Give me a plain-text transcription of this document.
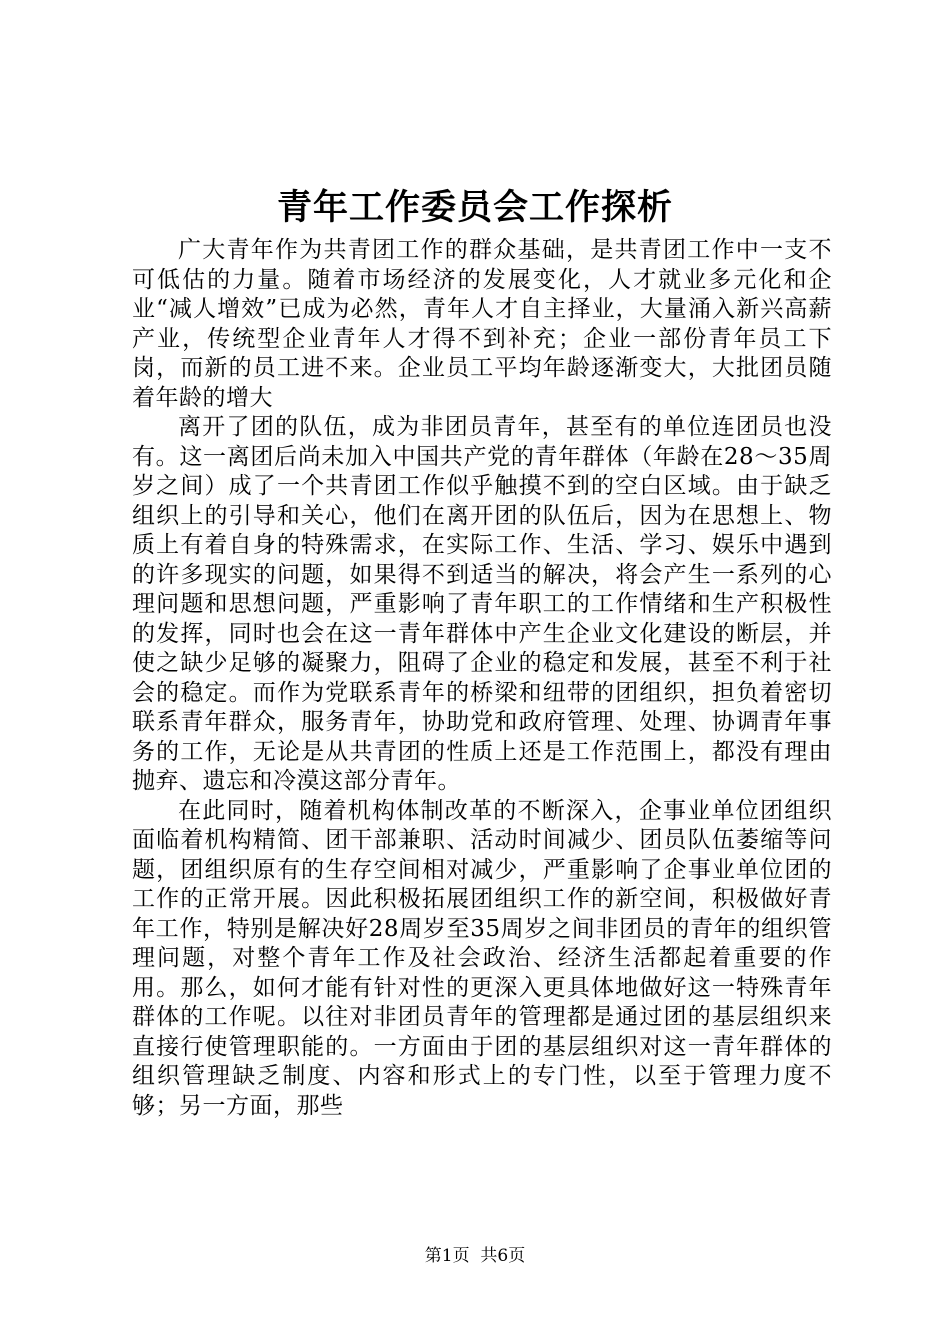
青年工作委员会工作探析

广大青年作为共青团工作的群众基础，是共青团工作中一支不可低估的力量。随着市场经济的发展变化，人才就业多元化和企业“减人增效”已成为必然，青年人才自主择业，大量涌入新兴高薪产业，传统型企业青年人才得不到补充；企业一部份青年员工下岗，而新的员工进不来。企业员工平均年龄逐渐变大，大批团员随着年龄的增大

离开了团的队伍，成为非团员青年，甚至有的单位连团员也没有。这一离团后尚未加入中国共产党的青年群体（年龄在28～35周岁之间）成了一个共青团工作似乎触摸不到的空白区域。由于缺乏组织上的引导和关心，他们在离开团的队伍后，因为在思想上、物质上有着自身的特殊需求，在实际工作、生活、学习、娱乐中遇到的许多现实的问题，如果得不到适当的解决，将会产生一系列的心理问题和思想问题，严重影响了青年职工的工作情绪和生产积极性的发挥，同时也会在这一青年群体中产生企业文化建设的断层，并使之缺少足够的凝聚力，阻碍了企业的稳定和发展，甚至不利于社会的稳定。而作为党联系青年的桥梁和纽带的团组织，担负着密切联系青年群众，服务青年，协助党和政府管理、处理、协调青年事务的工作，无论是从共青团的性质上还是工作范围上，都没有理由抛弃、遗忘和冷漠这部分青年。

在此同时，随着机构体制改革的不断深入，企事业单位团组织面临着机构精简、团干部兼职、活动时间减少、团员队伍萎缩等问题，团组织原有的生存空间相对减少，严重影响了企事业单位团的工作的正常开展。因此积极拓展团组织工作的新空间，积极做好青年工作，特别是解决好28周岁至35周岁之间非团员的青年的组织管理问题，对整个青年工作及社会政治、经济生活都起着重要的作用。那么，如何才能有针对性的更深入更具体地做好这一特殊青年群体的工作呢。以往对非团员青年的管理都是通过团的基层组织来直接行使管理职能的。一方面由于团的基层组织对这一青年群体的组织管理缺乏制度、内容和形式上的专门性，以至于管理力度不够；另一方面，那些

第1页 共6页
